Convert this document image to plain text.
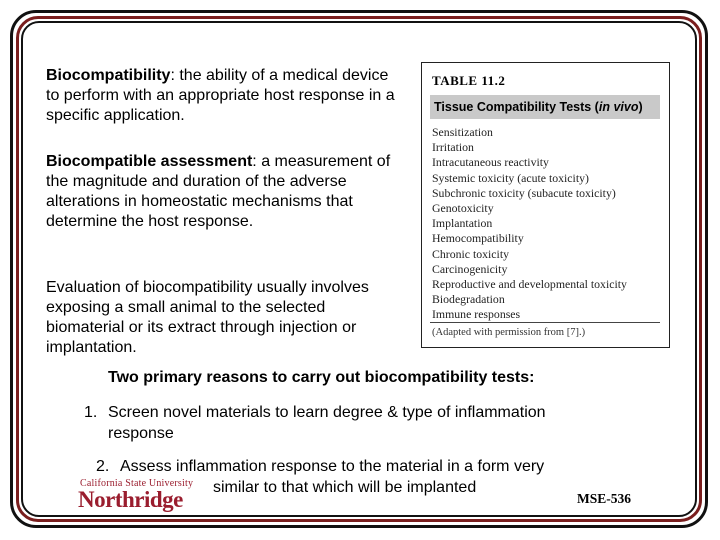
Biocompatibility: the ability of a medical device to perform with an appropriate host response in a specific application.

Biocompatible assessment: a measurement of the magnitude and duration of the adverse alterations in homeostatic mechanisms that determine the host response.

Evaluation of biocompatibility usually involves exposing a small animal to the selected biomaterial or its extract through injection or implantation.

TABLE 11.2
Tissue Compatibility Tests (in vivo)
Sensitization
Irritation
Intracutaneous reactivity
Systemic toxicity (acute toxicity)
Subchronic toxicity (subacute toxicity)
Genotoxicity
Implantation
Hemocompatibility
Chronic toxicity
Carcinogenicity
Reproductive and developmental toxicity
Biodegradation
Immune responses
(Adapted with permission from [7].)

Two primary reasons to carry out biocompatibility tests:

1. Screen novel materials to learn degree & type of inflammation
response

2. Assess inflammation response to the material in a form very
similar to that which will be implanted

California State University
Northridge	MSE-536
